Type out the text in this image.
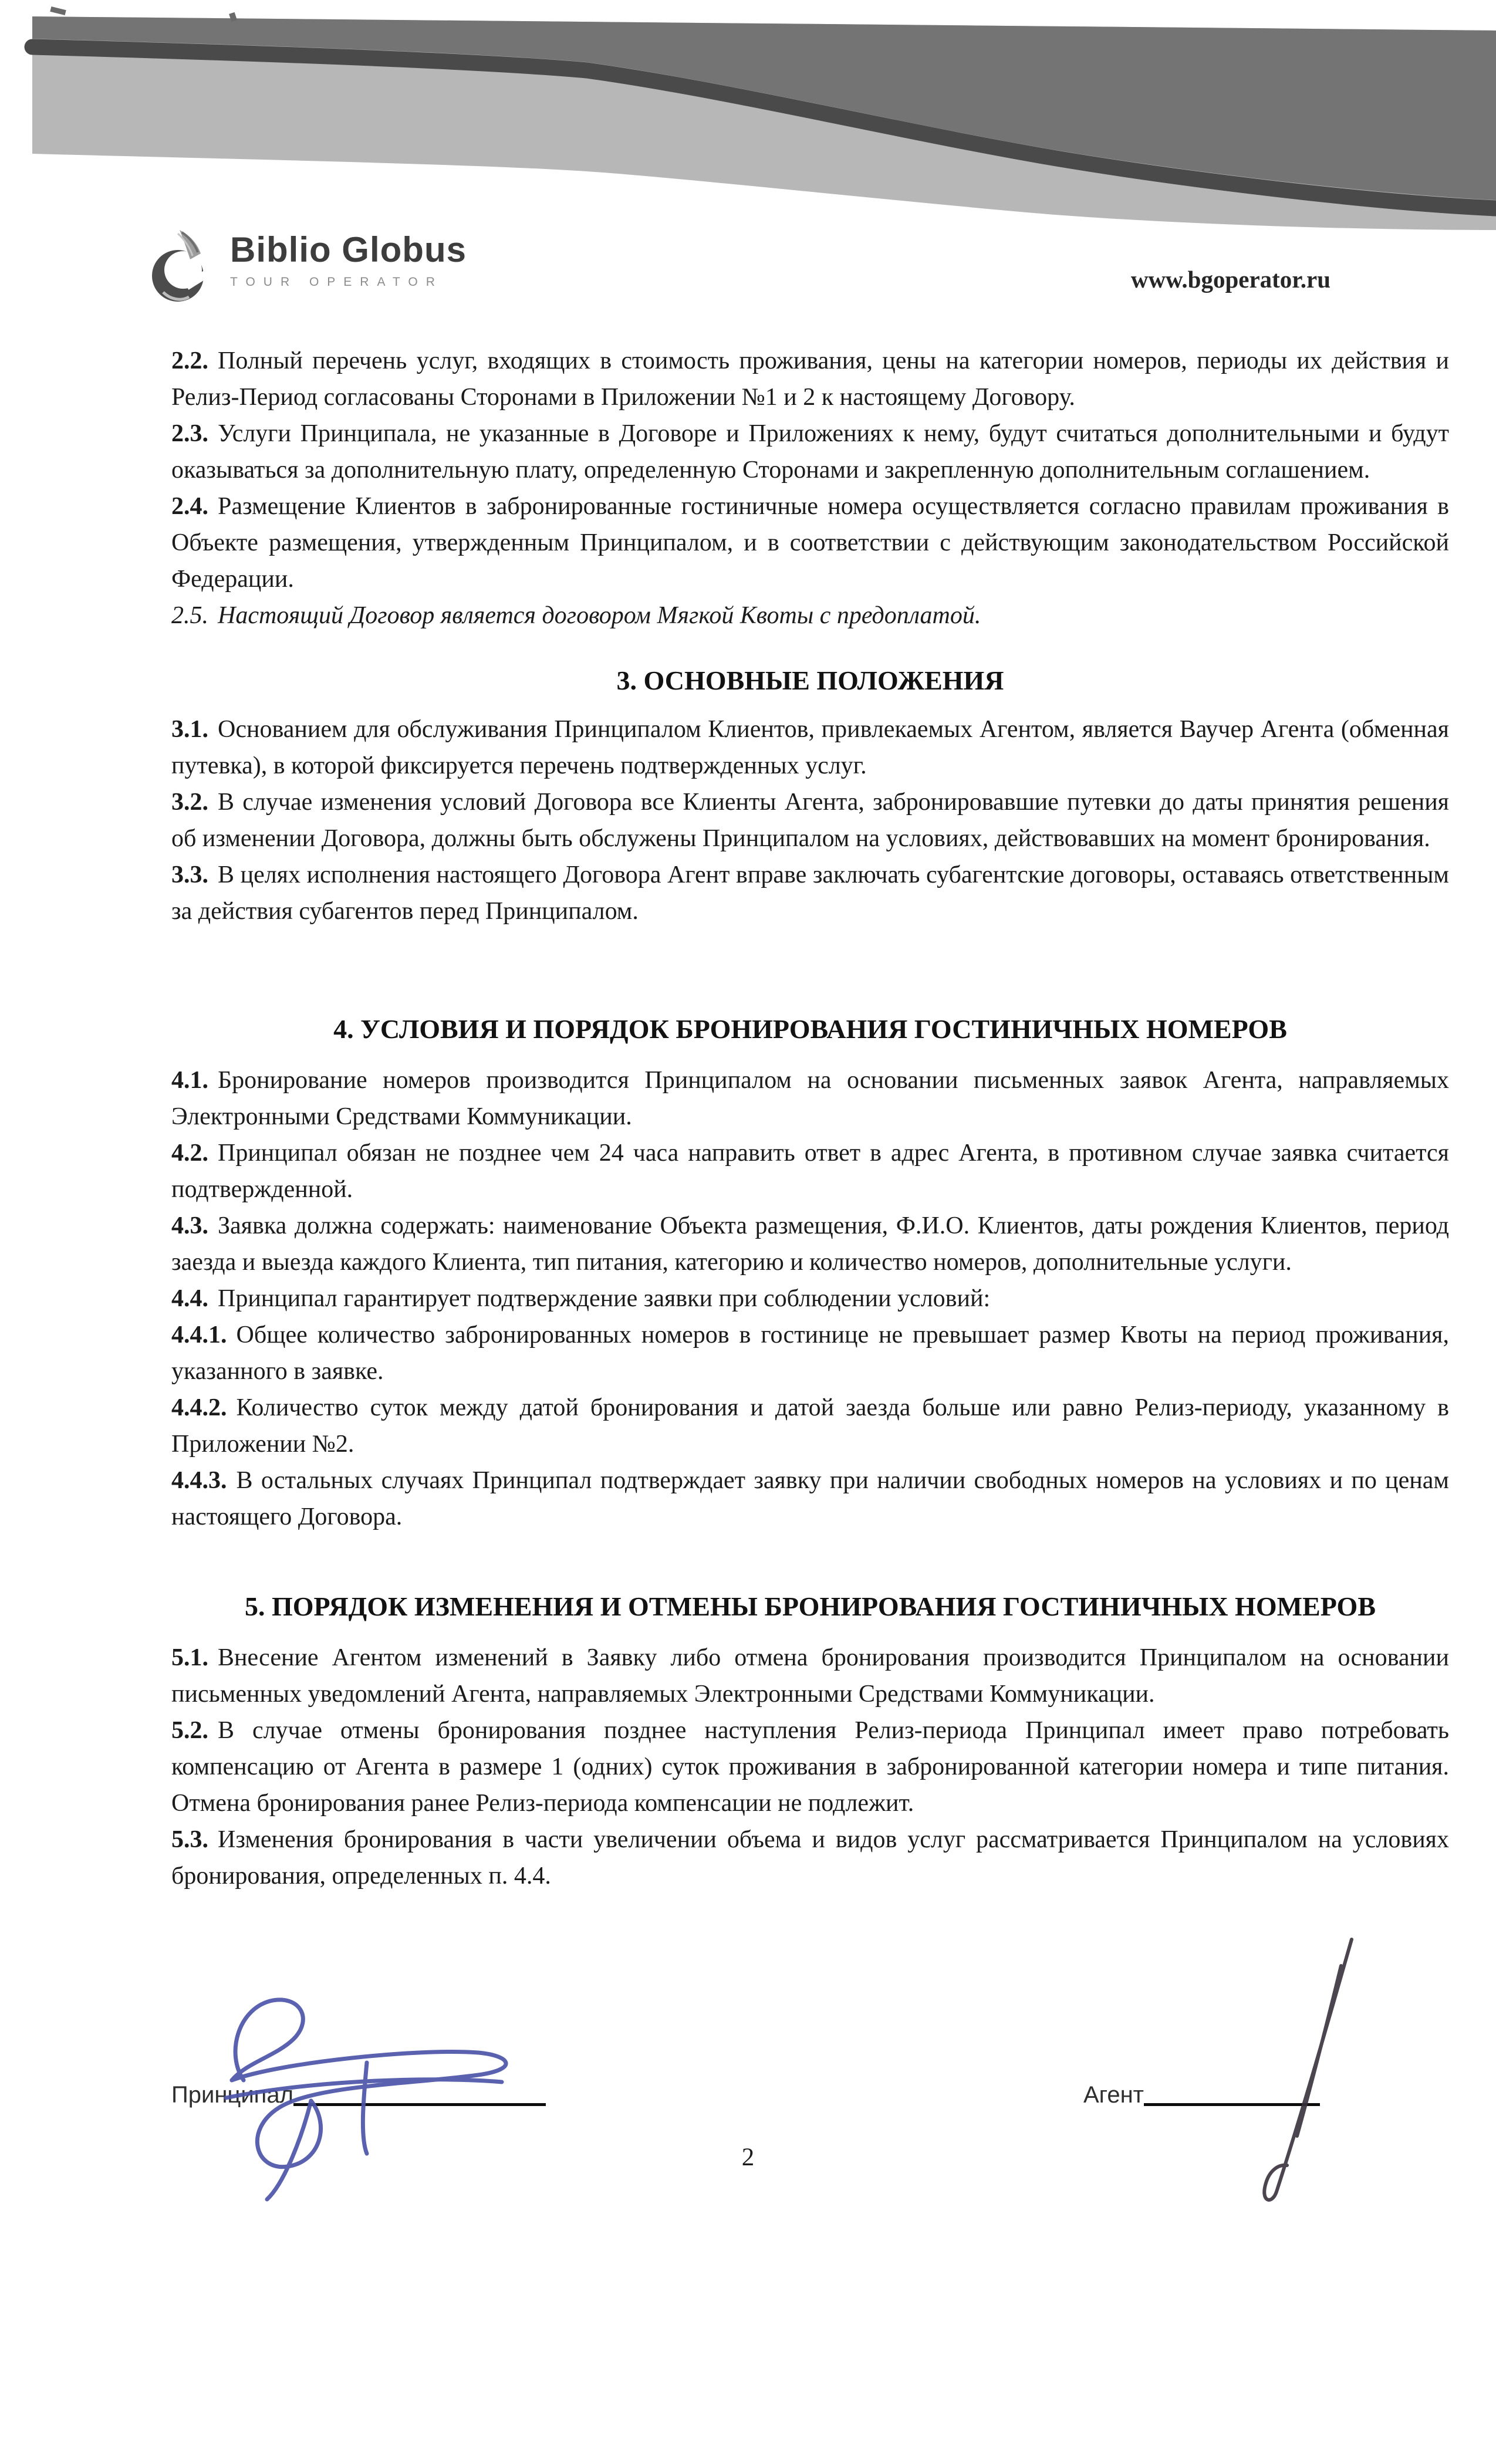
Biblio Globus
TOUR OPERATOR	www.bgoperator.ru

2.2. Полный перечень услуг, входящих в стоимость проживания, цены на категории номеров, периоды их действия и Релиз-Период согласованы Сторонами в Приложении №1 и 2 к настоящему Договору.

2.3. Услуги Принципала, не указанные в Договоре и Приложениях к нему, будут считаться дополнительными и будут оказываться за дополнительную плату, определенную Сторонами и закрепленную дополнительным соглашением.

2.4. Размещение Клиентов в забронированные гостиничные номера осуществляется согласно правилам проживания в Объекте размещения, утвержденным Принципалом, и в соответствии с действующим законодательством Российской Федерации.

2.5. Настоящий Договор является договором Мягкой Квоты с предоплатой.

3. ОСНОВНЫЕ ПОЛОЖЕНИЯ

3.1. Основанием для обслуживания Принципалом Клиентов, привлекаемых Агентом, является Ваучер Агента (обменная путевка), в которой фиксируется перечень подтвержденных услуг.

3.2. В случае изменения условий Договора все Клиенты Агента, забронировавшие путевки до даты принятия решения об изменении Договора, должны быть обслужены Принципалом на условиях, действовавших на момент бронирования.

3.3. В целях исполнения настоящего Договора Агент вправе заключать субагентские договоры, оставаясь ответственным за действия субагентов перед Принципалом.

4. УСЛОВИЯ И ПОРЯДОК БРОНИРОВАНИЯ ГОСТИНИЧНЫХ НОМЕРОВ

4.1. Бронирование номеров производится Принципалом на основании письменных заявок Агента, направляемых Электронными Средствами Коммуникации.

4.2. Принципал обязан не позднее чем 24 часа направить ответ в адрес Агента, в противном случае заявка считается подтвержденной.

4.3. Заявка должна содержать: наименование Объекта размещения, Ф.И.О. Клиентов, даты рождения Клиентов, период заезда и выезда каждого Клиента, тип питания, категорию и количество номеров, дополнительные услуги.

4.4. Принципал гарантирует подтверждение заявки при соблюдении условий:

4.4.1. Общее количество забронированных номеров в гостинице не превышает размер Квоты на период проживания, указанного в заявке.

4.4.2. Количество суток между датой бронирования и датой заезда больше или равно Релиз-периоду, указанному в Приложении №2.

4.4.3. В остальных случаях Принципал подтверждает заявку при наличии свободных номеров на условиях и по ценам настоящего Договора.

5. ПОРЯДОК ИЗМЕНЕНИЯ И ОТМЕНЫ БРОНИРОВАНИЯ ГОСТИНИЧНЫХ НОМЕРОВ

5.1. Внесение Агентом изменений в Заявку либо отмена бронирования производится Принципалом на основании письменных уведомлений Агента, направляемых Электронными Средствами Коммуникации.

5.2. В случае отмены бронирования позднее наступления Релиз-периода Принципал имеет право потребовать компенсацию от Агента в размере 1 (одних) суток проживания в забронированной категории номера и типе питания. Отмена бронирования ранее Релиз-периода компенсации не подлежит.

5.3. Изменения бронирования в части увеличении объема и видов услуг рассматривается Принципалом на условиях бронирования, определенных п. 4.4.

Принципал	Агент
2
